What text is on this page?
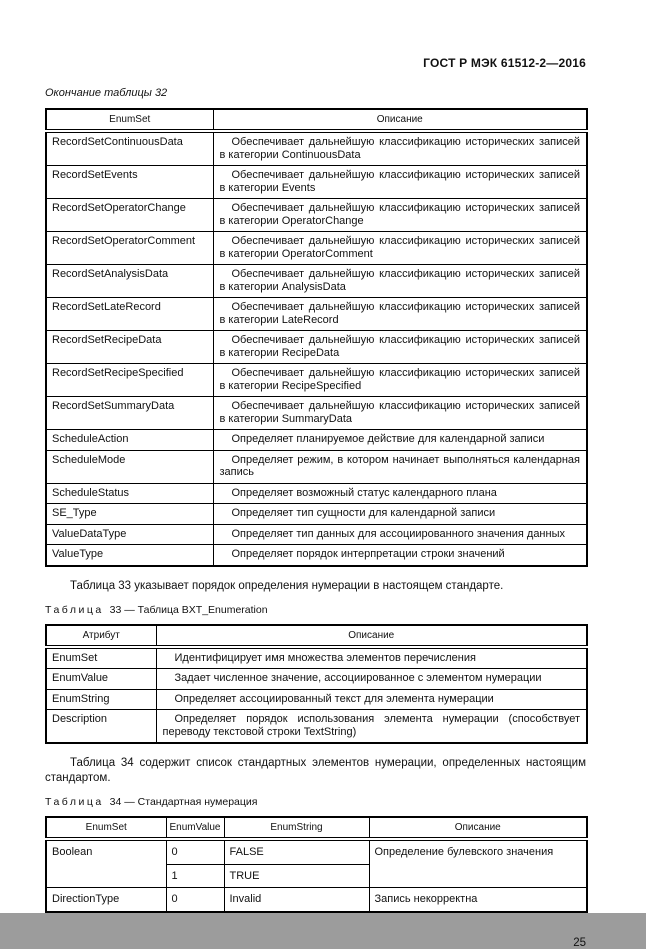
ГОСТ Р МЭК 61512-2—2016

Окончание таблицы 32

EnumSet	Описание
RecordSetContinuousData	Обеспечивает дальнейшую классификацию исторических записей в категории ContinuousData
RecordSetEvents	Обеспечивает дальнейшую классификацию исторических записей в категории Events
RecordSetOperatorChange	Обеспечивает дальнейшую классификацию исторических записей в категории OperatorChange
RecordSetOperatorComment	Обеспечивает дальнейшую классификацию исторических записей в категории OperatorComment
RecordSetAnalysisData	Обеспечивает дальнейшую классификацию исторических записей в категории AnalysisData
RecordSetLateRecord	Обеспечивает дальнейшую классификацию исторических записей в категории LateRecord
RecordSetRecipeData	Обеспечивает дальнейшую классификацию исторических записей в категории RecipeData
RecordSetRecipeSpecified	Обеспечивает дальнейшую классификацию исторических записей в категории RecipeSpecified
RecordSetSummaryData	Обеспечивает дальнейшую классификацию исторических записей в категории SummaryData
ScheduleAction	Определяет планируемое действие для календарной записи
ScheduleMode	Определяет режим, в котором начинает выполняться календарная запись
ScheduleStatus	Определяет возможный статус календарного плана
SE_Type	Определяет тип сущности для календарной записи
ValueDataType	Определяет тип данных для ассоциированного значения данных
ValueType	Определяет порядок интерпретации строки значений

Таблица 33 указывает порядок определения нумерации в настоящем стандарте.

Таблица 33 — Таблица BXT_Enumeration

Атрибут	Описание
EnumSet	Идентифицирует имя множества элементов перечисления
EnumValue	Задает численное значение, ассоциированное с элементом нумерации
EnumString	Определяет ассоциированный текст для элемента нумерации
Description	Определяет порядок использования элемента нумерации (способствует переводу текстовой строки TextString)

Таблица 34 содержит список стандартных элементов нумерации, определенных настоящим стандартом.

Таблица 34 — Стандартная нумерация

EnumSet	EnumValue	EnumString	Описание
Boolean	0	FALSE	Определение булевского значения
	1	TRUE	
DirectionType	0	Invalid	Запись некорректна

25
